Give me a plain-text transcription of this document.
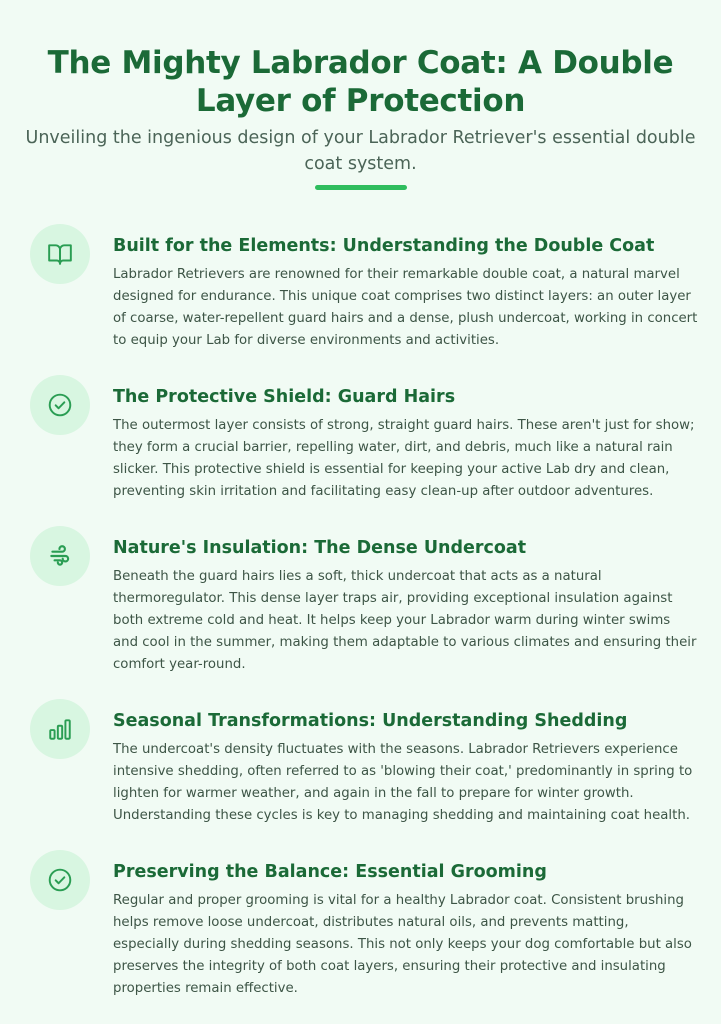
The Mighty Labrador Coat: A Double Layer of Protection
Unveiling the ingenious design of your Labrador Retriever's essential double coat system.
Built for the Elements: Understanding the Double Coat

Labrador Retrievers are renowned for their remarkable double coat, a natural marvel designed for endurance. This unique coat comprises two distinct layers: an outer layer of coarse, water-repellent guard hairs and a dense, plush undercoat, working in concert to equip your Lab for diverse environments and activities.

The Protective Shield: Guard Hairs

The outermost layer consists of strong, straight guard hairs. These aren't just for show; they form a crucial barrier, repelling water, dirt, and debris, much like a natural rain slicker. This protective shield is essential for keeping your active Lab dry and clean, preventing skin irritation and facilitating easy clean-up after outdoor adventures.

Nature's Insulation: The Dense Undercoat

Beneath the guard hairs lies a soft, thick undercoat that acts as a natural thermoregulator. This dense layer traps air, providing exceptional insulation against both extreme cold and heat. It helps keep your Labrador warm during winter swims and cool in the summer, making them adaptable to various climates and ensuring their comfort year-round.

Seasonal Transformations: Understanding Shedding

The undercoat's density fluctuates with the seasons. Labrador Retrievers experience intensive shedding, often referred to as 'blowing their coat,' predominantly in spring to lighten for warmer weather, and again in the fall to prepare for winter growth. Understanding these cycles is key to managing shedding and maintaining coat health.

Preserving the Balance: Essential Grooming

Regular and proper grooming is vital for a healthy Labrador coat. Consistent brushing helps remove loose undercoat, distributes natural oils, and prevents matting, especially during shedding seasons. This not only keeps your dog comfortable but also preserves the integrity of both coat layers, ensuring their protective and insulating properties remain effective.
